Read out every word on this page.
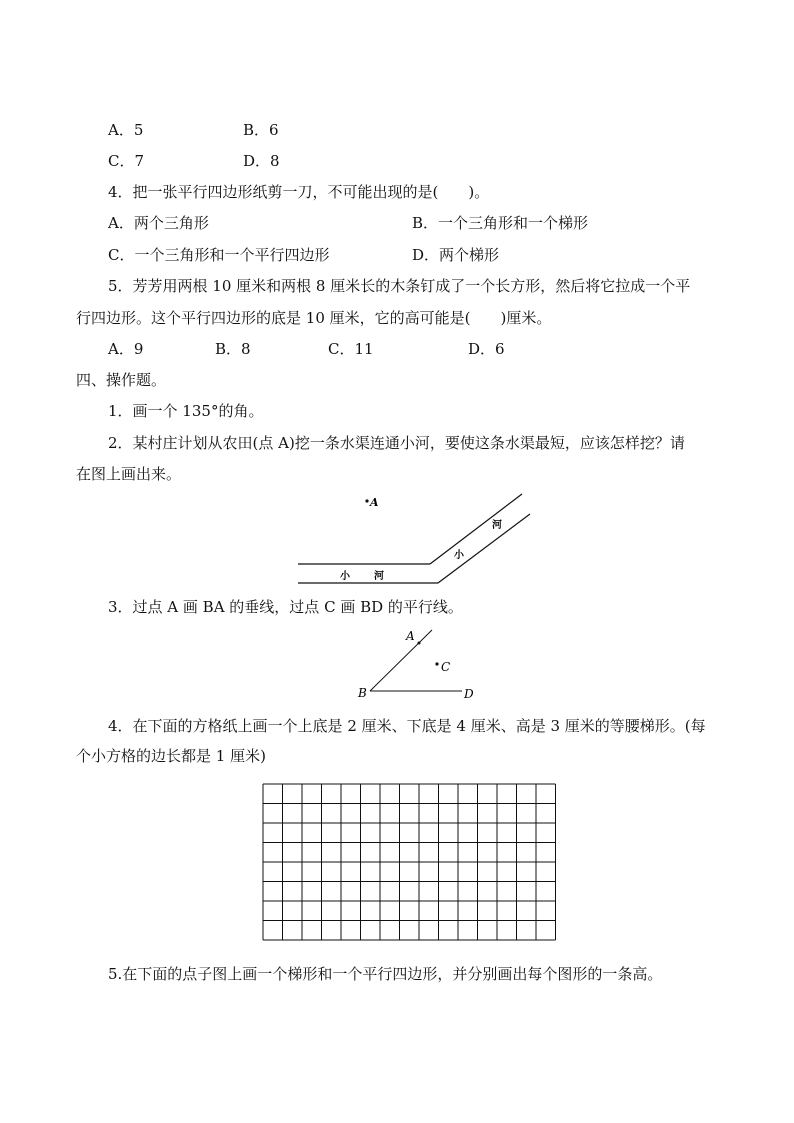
A．5	B．6
C．7	D．8
4．把一张平行四边形纸剪一刀，不可能出现的是(　　)。
A．两个三角形	B．一个三角形和一个梯形
C．一个三角形和一个平行四边形	D．两个梯形
5．芳芳用两根 10 厘米和两根 8 厘米长的木条钉成了一个长方形，然后将它拉成一个平
行四边形。这个平行四边形的底是 10 厘米，它的高可能是(　　)厘米。
A．9	B．8	C．11	D．6
四、操作题。
1．画一个 135°的角。
2．某村庄计划从农田(点 A)挖一条水渠连通小河，要使这条水渠最短，应该怎样挖？请
在图上画出来。
A
小 河
小
河
3．过点 A 画 BA 的垂线，过点 C 画 BD 的平行线。
A
B
C
D
4．在下面的方格纸上画一个上底是 2 厘米、下底是 4 厘米、高是 3 厘米的等腰梯形。(每
个小方格的边长都是 1 厘米)
5.在下面的点子图上画一个梯形和一个平行四边形，并分别画出每个图形的一条高。
